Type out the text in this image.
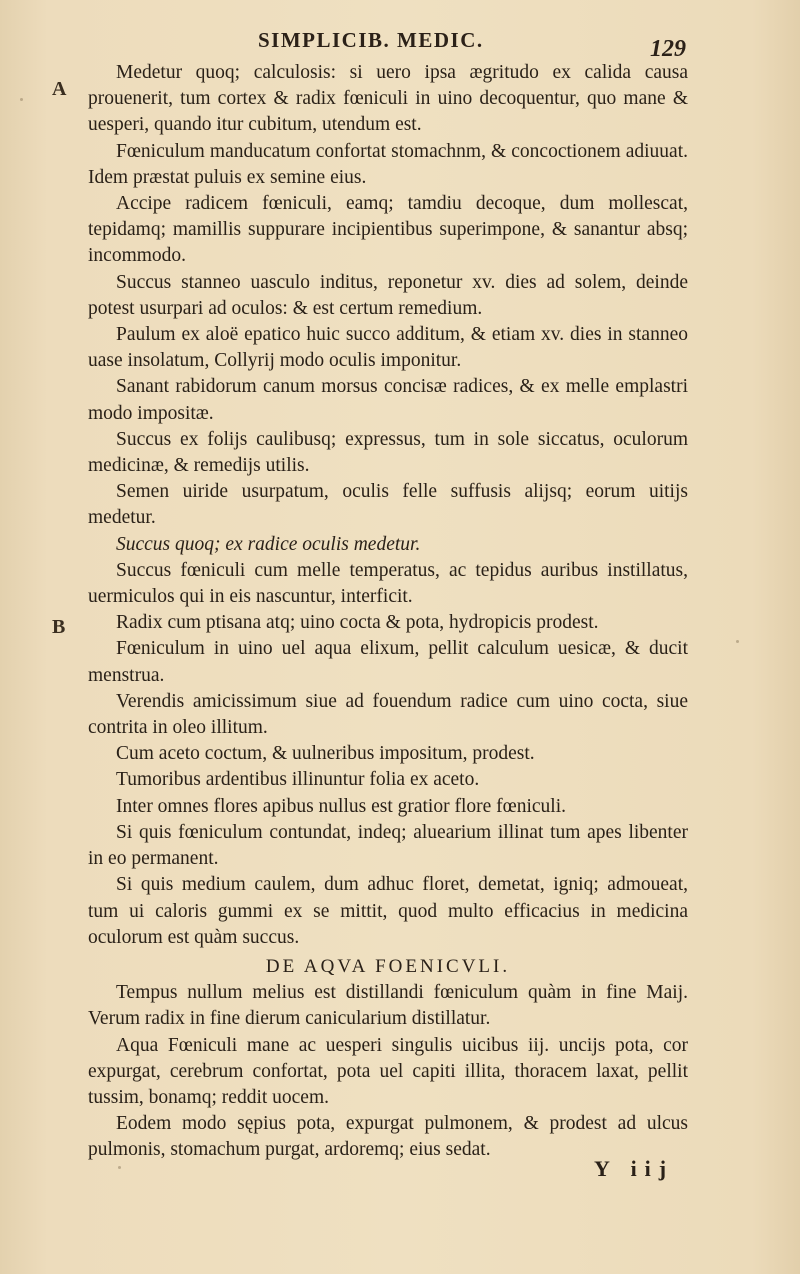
SIMPLICIB. MEDIC.	129
A
B

Medetur quoq; calculosis: si uero ipsa ægritudo ex calida causa prouenerit, tum cortex & radix fœniculi in uino decoquentur, quo mane & uesperi, quando itur cubitum, utendum est.

Fœniculum manducatum confortat stomachnm, & concoctionem adiuuat. Idem præstat puluis ex semine eius.

Accipe radicem fœniculi, eamq; tamdiu decoque, dum mollescat, tepidamq; mamillis suppurare incipientibus superimpone, & sanantur absq; incommodo.

Succus stanneo uasculo inditus, reponetur xv. dies ad solem, deinde potest usurpari ad oculos: & est certum remedium.

Paulum ex aloë epatico huic succo additum, & etiam xv. dies in stanneo uase insolatum, Collyrij modo oculis imponitur.

Sanant rabidorum canum morsus concisæ radices, & ex melle emplastri modo impositæ.

Succus ex folijs caulibusq; expressus, tum in sole siccatus, oculorum medicinæ, & remedijs utilis.

Semen uiride usurpatum, oculis felle suffusis alijsq; eorum uitijs medetur.

Succus quoq; ex radice oculis medetur.

Succus fœniculi cum melle temperatus, ac tepidus auribus instillatus, uermiculos qui in eis nascuntur, interficit.

Radix cum ptisana atq; uino cocta & pota, hydropicis prodest.

Fœniculum in uino uel aqua elixum, pellit calculum uesicæ, & ducit menstrua.

Verendis amicissimum siue ad fouendum radice cum uino cocta, siue contrita in oleo illitum.

Cum aceto coctum, & uulneribus impositum, prodest.

Tumoribus ardentibus illinuntur folia ex aceto.

Inter omnes flores apibus nullus est gratior flore fœniculi.

Si quis fœniculum contundat, indeq; aluearium illinat tum apes libenter in eo permanent.

Si quis medium caulem, dum adhuc floret, demetat, igniq; admoueat, tum ui caloris gummi ex se mittit, quod multo efficacius in medicina oculorum est quàm succus.

DE AQVA FOENICVLI.

Tempus nullum melius est distillandi fœniculum quàm in fine Maij. Verum radix in fine dierum canicularium distillatur.

Aqua Fœniculi mane ac uesperi singulis uicibus iij. uncijs pota, cor expurgat, cerebrum confortat, pota uel capiti illita, thoracem laxat, pellit tussim, bonamq; reddit uocem.

Eodem modo sępius pota, expurgat pulmonem, & prodest ad ulcus pulmonis, stomachum purgat, ardoremq; eius sedat.

Y iij
